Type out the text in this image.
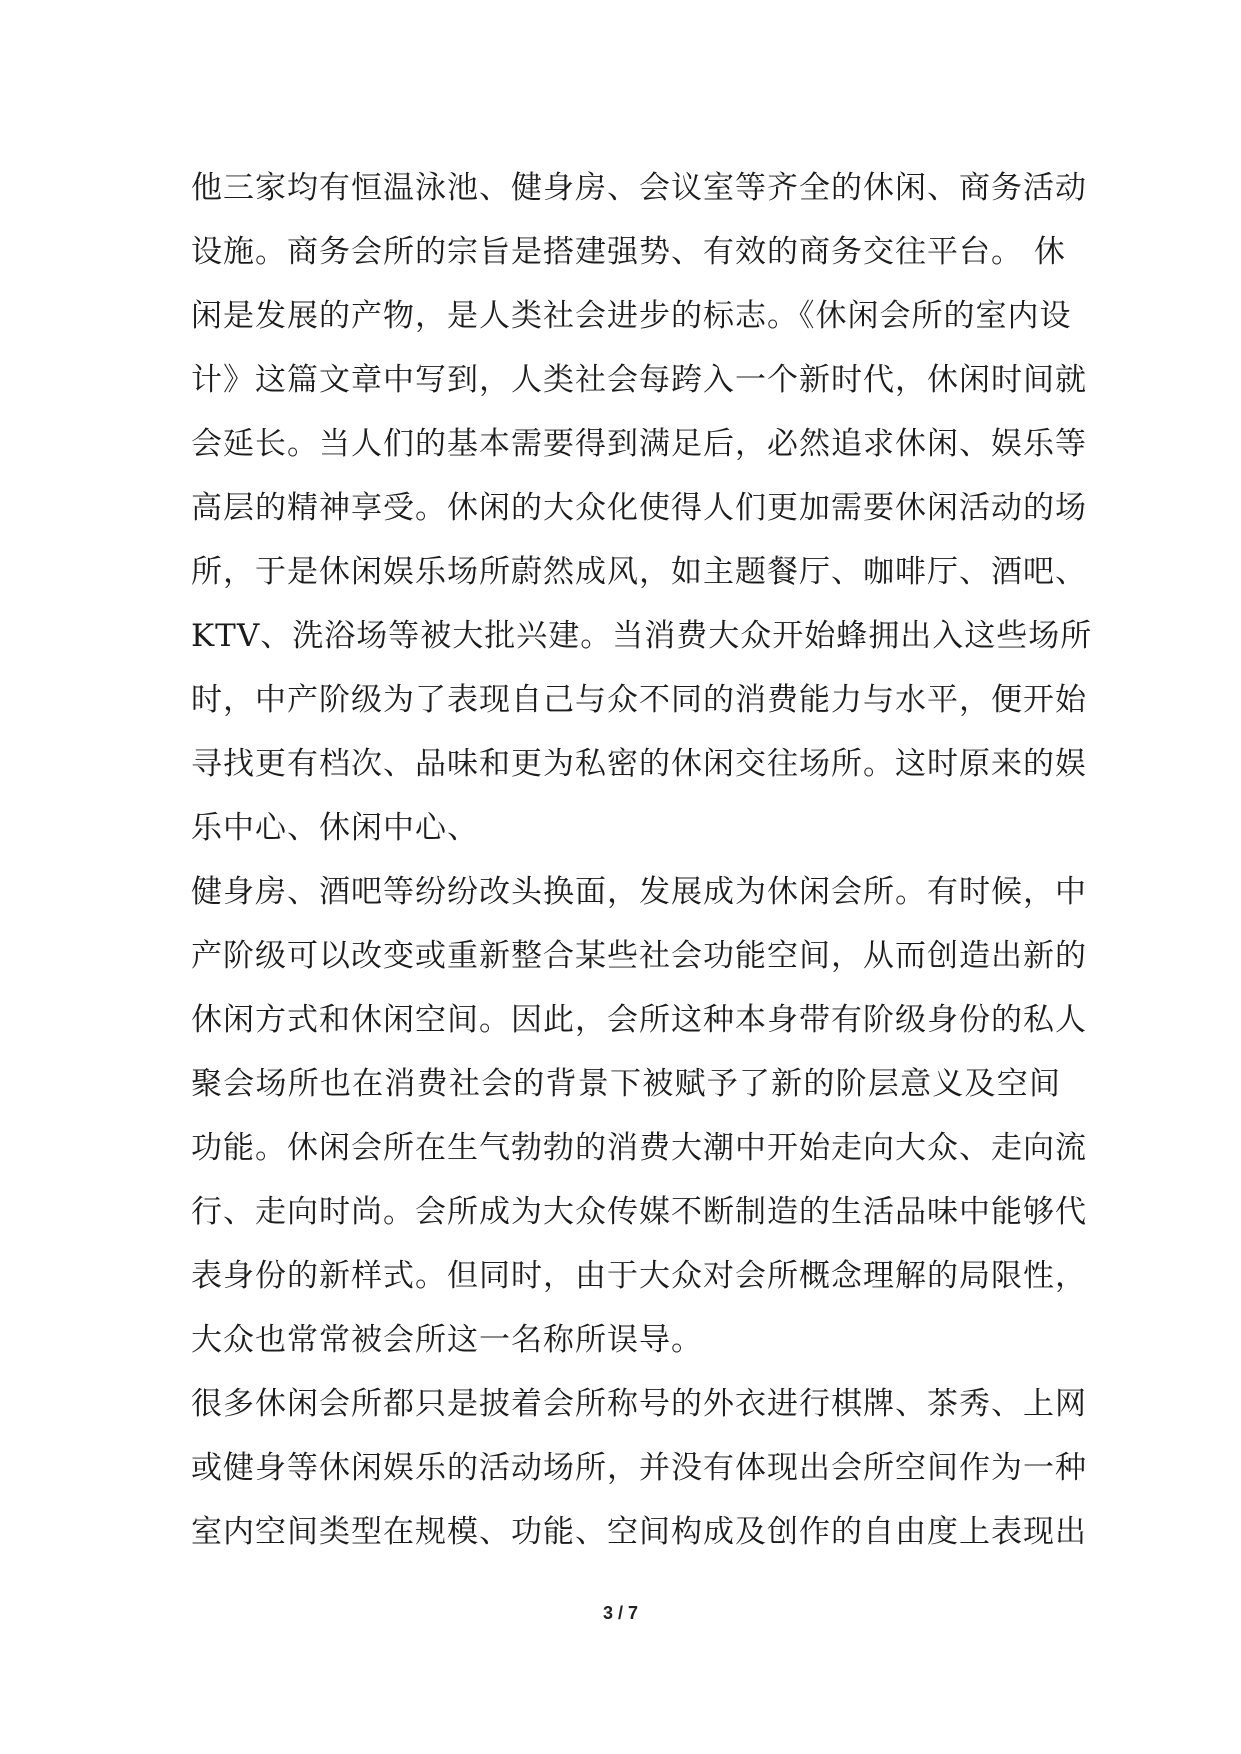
他三家均有恒温泳池、健身房、会议室等齐全的休闲、商务活动
设施。商务会所的宗旨是搭建强势、有效的商务交往平台。 休
闲是发展的产物，是人类社会进步的标志。《休闲会所的室内设
计》这篇文章中写到，人类社会每跨入一个新时代，休闲时间就
会延长。当人们的基本需要得到满足后，必然追求休闲、娱乐等
高层的精神享受。休闲的大众化使得人们更加需要休闲活动的场
所，于是休闲娱乐场所蔚然成风，如主题餐厅、咖啡厅、酒吧、
KTV、洗浴场等被大批兴建。当消费大众开始蜂拥出入这些场所
时，中产阶级为了表现自己与众不同的消费能力与水平，便开始
寻找更有档次、品味和更为私密的休闲交往场所。这时原来的娱
乐中心、休闲中心、
健身房、酒吧等纷纷改头换面，发展成为休闲会所。有时候，中
产阶级可以改变或重新整合某些社会功能空间，从而创造出新的
休闲方式和休闲空间。因此，会所这种本身带有阶级身份的私人
聚会场所也在消费社会的背景下被赋予了新的阶层意义及空间
功能。休闲会所在生气勃勃的消费大潮中开始走向大众、走向流
行、走向时尚。会所成为大众传媒不断制造的生活品味中能够代
表身份的新样式。但同时，由于大众对会所概念理解的局限性，
大众也常常被会所这一名称所误导。
很多休闲会所都只是披着会所称号的外衣进行棋牌、茶秀、上网
或健身等休闲娱乐的活动场所，并没有体现出会所空间作为一种
室内空间类型在规模、功能、空间构成及创作的自由度上表现出
3 / 7
